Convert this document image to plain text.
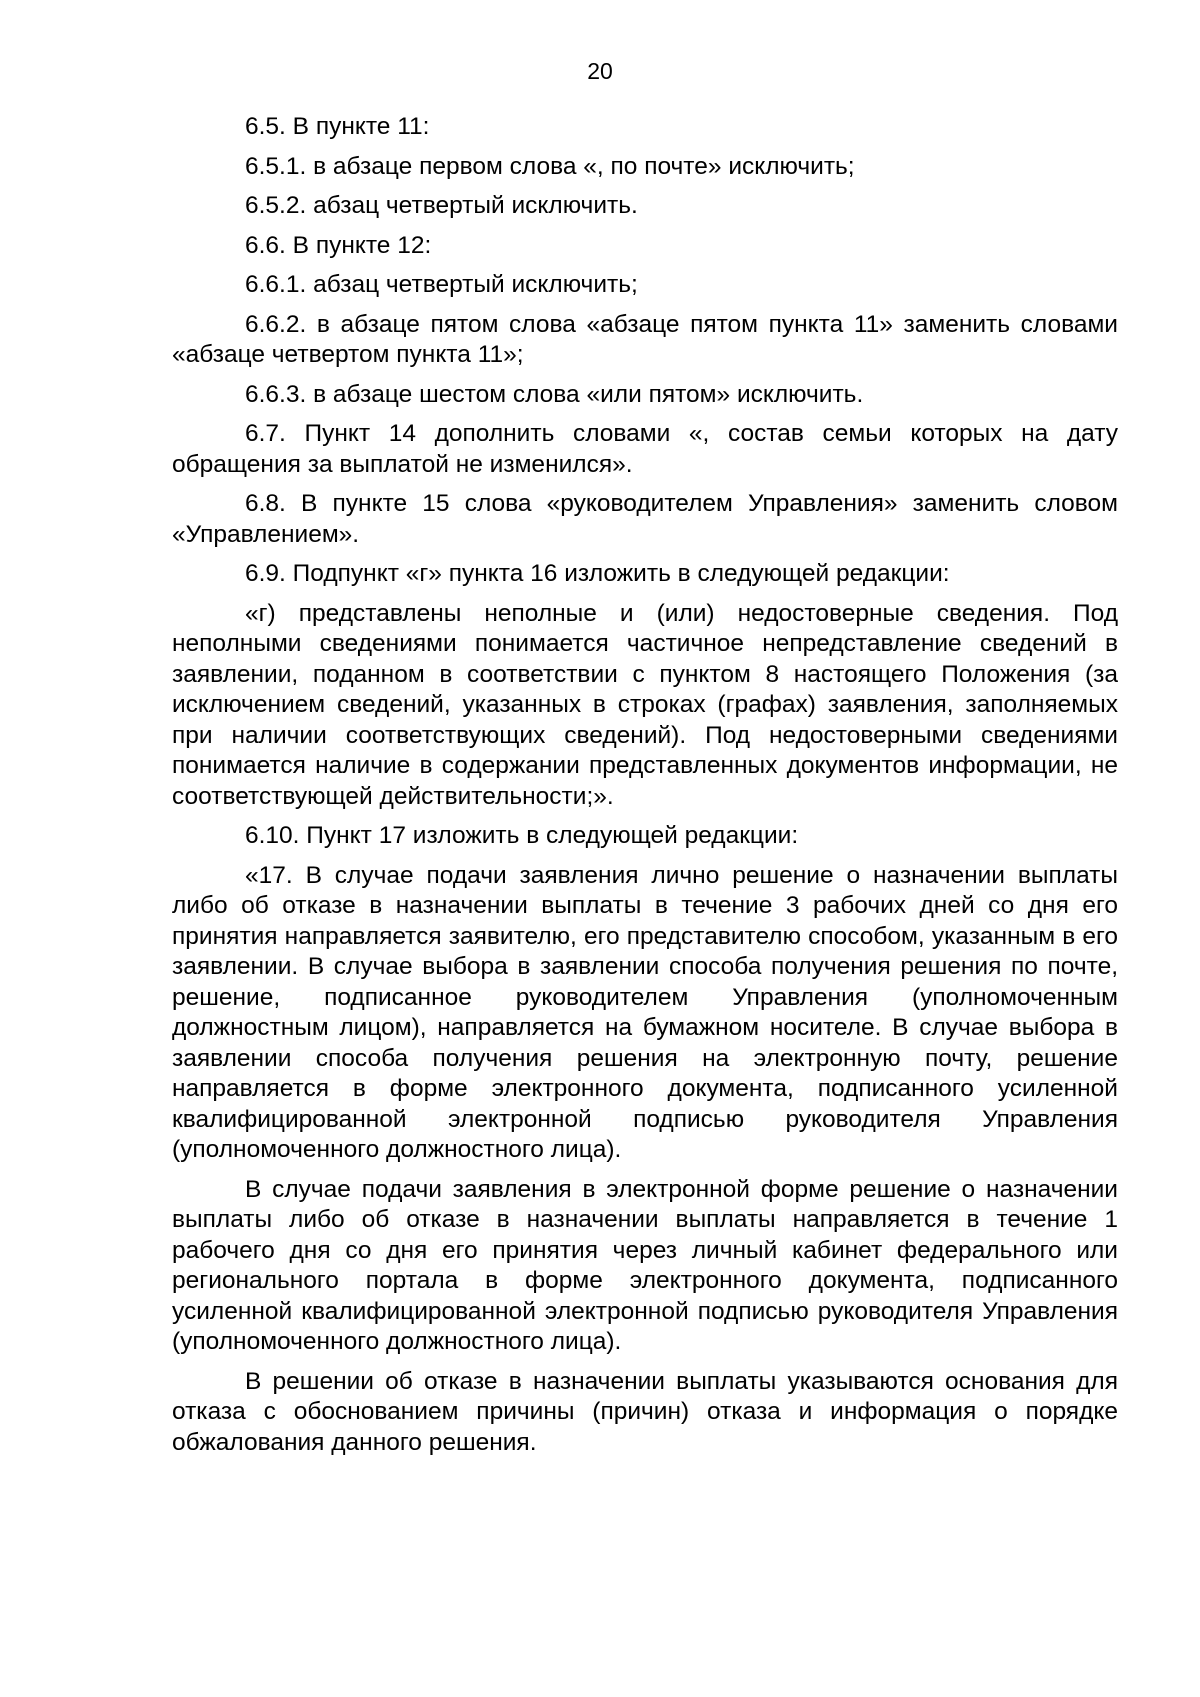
20

6.5. В пункте 11:

6.5.1. в абзаце первом слова «, по почте» исключить;

6.5.2. абзац четвертый исключить.

6.6. В пункте 12:

6.6.1. абзац четвертый исключить;

6.6.2. в абзаце пятом слова «абзаце пятом пункта 11» заменить словами «абзаце четвертом пункта 11»;

6.6.3. в абзаце шестом слова «или пятом» исключить.

6.7. Пункт 14 дополнить словами «, состав семьи которых на дату обращения за выплатой не изменился».

6.8. В пункте 15 слова «руководителем Управления» заменить словом «Управлением».

6.9. Подпункт «г» пункта 16 изложить в следующей редакции:

«г) представлены неполные и (или) недостоверные сведения. Под неполными сведениями понимается частичное непредставление сведений в заявлении, поданном в соответствии с пунктом 8 настоящего Положения (за исключением сведений, указанных в строках (графах) заявления, заполняемых при наличии соответствующих сведений). Под недостоверными сведениями понимается наличие в содержании представленных документов информации, не соответствующей действительности;».

6.10. Пункт 17 изложить в следующей редакции:

«17. В случае подачи заявления лично решение о назначении выплаты либо об отказе в назначении выплаты в течение 3 рабочих дней со дня его принятия направляется заявителю, его представителю способом, указанным в его заявлении. В случае выбора в заявлении способа получения решения по почте, решение, подписанное руководителем Управления (уполномоченным должностным лицом), направляется на бумажном носителе. В случае выбора в заявлении способа получения решения на электронную почту, решение направляется в форме электронного документа, подписанного усиленной квалифицированной электронной подписью руководителя Управления (уполномоченного должностного лица).

В случае подачи заявления в электронной форме решение о назначении выплаты либо об отказе в назначении выплаты направляется в течение 1 рабочего дня со дня его принятия через личный кабинет федерального или регионального портала в форме электронного документа, подписанного усиленной квалифицированной электронной подписью руководителя Управления (уполномоченного должностного лица).

В решении об отказе в назначении выплаты указываются основания для отказа с обоснованием причины (причин) отказа и информация о порядке обжалования данного решения.
